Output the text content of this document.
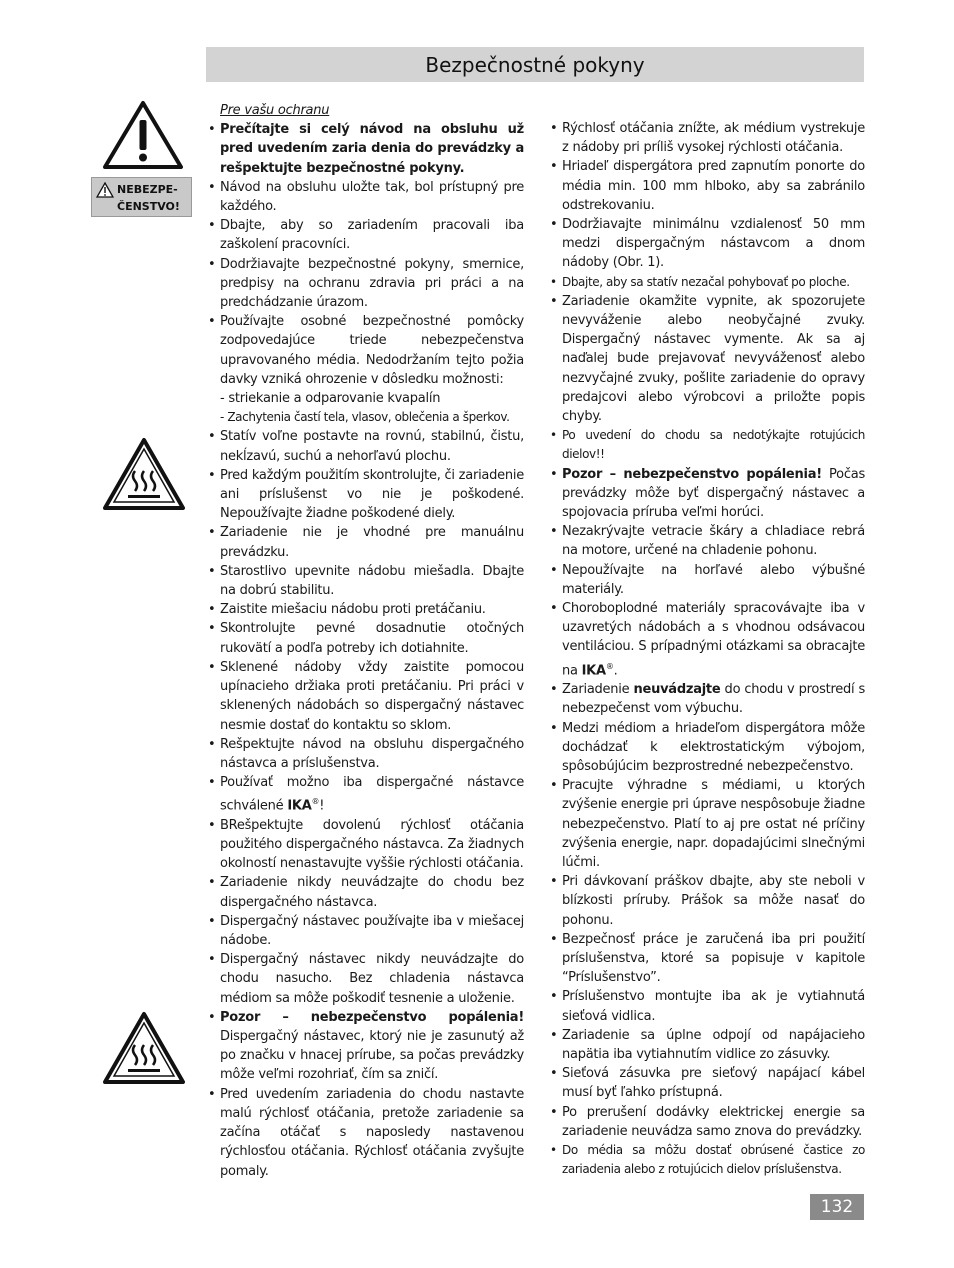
Bezpečnostné pokyny
NEBEZPE-
ČENSTVO!

Pre vašu ochranu

• Prečítajte si celý návod na obsluhu už pred uvedením zaria denia do prevádzky a rešpektujte bezpečnostné pokyny.
• Návod na obsluhu uložte tak, bol prístupný pre každého.
• Dbajte, aby so zariadením pracovali iba zaškolení pracovníci.
• Dodržiavajte bezpečnostné pokyny, smernice, predpisy na ochranu zdravia pri práci a na predchádzanie úrazom.
• Používajte osobné bezpečnostné pomôcky zodpovedajúce triede nebezpečenstva upravovaného média. Nedodržaním tejto požia davky vzniká ohrozenie v dôsledku možnosti:
- striekanie a odparovanie kvapalín
- Zachytenia častí tela, vlasov, oblečenia a šperkov.
• Statív voľne postavte na rovnú, stabilnú, čistu, nekĺzavú, suchú a nehorľavú plochu.
• Pred každým použitím skontrolujte, či zariadenie ani príslušenst vo nie je poškodené. Nepoužívajte žiadne poškodené diely.
• Zariadenie nie je vhodné pre manuálnu prevádzku.
• Starostlivo upevnite nádobu miešadla. Dbajte na dobrú stabilitu.
• Zaistite miešaciu nádobu proti pretáčaniu.
• Skontrolujte pevné dosadnutie otočných rukovätí a podľa potreby ich dotiahnite.
• Sklenené nádoby vždy zaistite pomocou upínacieho držiaka proti pretáčaniu. Pri práci v sklenených nádobách so dispergačný nástavec nesmie dostať do kontaktu so sklom.
• Rešpektujte návod na obsluhu dispergačného nástavca a príslušenstva.
• Používať možno iba dispergačné nástavce schválené IKA®!
• BRešpektujte dovolenú rýchlosť otáčania použitého dispergačného nástavca. Za žiadnych okolností nenastavujte vyššie rýchlosti otáčania.
• Zariadenie nikdy neuvádzajte do chodu bez dispergačného nástavca.
• Dispergačný nástavec používajte iba v miešacej nádobe.
• Dispergačný nástavec nikdy neuvádzajte do chodu nasucho. Bez chladenia nástavca médiom sa môže poškodiť tesnenie a uloženie.
• Pozor – nebezpečenstvo popálenia! Dispergačný nástavec, ktorý nie je zasunutý až po značku v hnacej prírube, sa počas prevádzky môže veľmi rozohriať, čím sa zničí.
• Pred uvedením zariadenia do chodu nastavte malú rýchlosť otáčania, pretože zariadenie sa začína otáčať s naposledy nastavenou rýchlosťou otáčania. Rýchlosť otáčania zvyšujte pomaly.
• Rýchlosť otáčania znížte, ak médium vystrekuje z nádoby pri príliš vysokej rýchlosti otáčania.
• Hriadeľ dispergátora pred zapnutím ponorte do média min. 100 mm hlboko, aby sa zabránilo odstrekovaniu.
• Dodržiavajte minimálnu vzdialenosť 50 mm medzi dispergačným nástavcom a dnom nádoby (Obr. 1).
• Dbajte, aby sa statív nezačal pohybovať po ploche.
• Zariadenie okamžite vypnite, ak spozorujete nevyváženie alebo neobyčajné zvuky. Dispergačný nástavec vymente. Ak sa aj naďalej bude prejavovať nevyváženosť alebo nezvyčajné zvuky, pošlite zariadenie do opravy predajcovi alebo výrobcovi a priložte popis chyby.
• Po uvedení do chodu sa nedotýkajte rotujúcich dielov!!
• Pozor – nebezpečenstvo popálenia! Počas prevádzky môže byť dispergačný nástavec a spojovacia príruba veľmi horúci.
• Nezakrývajte vetracie škáry a chladiace rebrá na motore, určené na chladenie pohonu.
• Nepoužívajte na horľavé alebo výbušné materiály.
• Choroboplodné materiály spracovávajte iba v uzavretých nádobách a s vhodnou odsávacou ventiláciou. S prípadnými otázkami sa obracajte na IKA®.
• Zariadenie neuvádzajte do chodu v prostredí s nebezpečenst vom výbuchu.
• Medzi médiom a hriadeľom dispergátora môže dochádzať k elektrostatickým výbojom, spôsobújúcim bezprostredné nebezpečenstvo.
• Pracujte výhradne s médiami, u ktorých zvýšenie energie pri úprave nespôsobuje žiadne nebezpečenstvo. Platí to aj pre ostat né príčiny zvýšenia energie, napr. dopadajúcimi slnečnými lúčmi.
• Pri dávkovaní práškov dbajte, aby ste neboli v blízkosti príruby. Prášok sa môže nasať do pohonu.
• Bezpečnosť práce je zaručená iba pri použití príslušenstva, ktoré sa popisuje v kapitole “Príslušenstvo”.
• Príslušenstvo montujte iba ak je vytiahnutá sieťová vidlica.
• Zariadenie sa úplne odpojí od napájacieho napätia iba vytiahnutím vidlice zo zásuvky.
• Sieťová zásuvka pre sieťový napájací kábel musí byť ľahko prístupná.
• Po prerušení dodávky elektrickej energie sa zariadenie neuvádza samo znova do prevádzky.
• Do média sa môžu dostať obrúsené častice zo zariadenia alebo z rotujúcich dielov príslušenstva.
132
